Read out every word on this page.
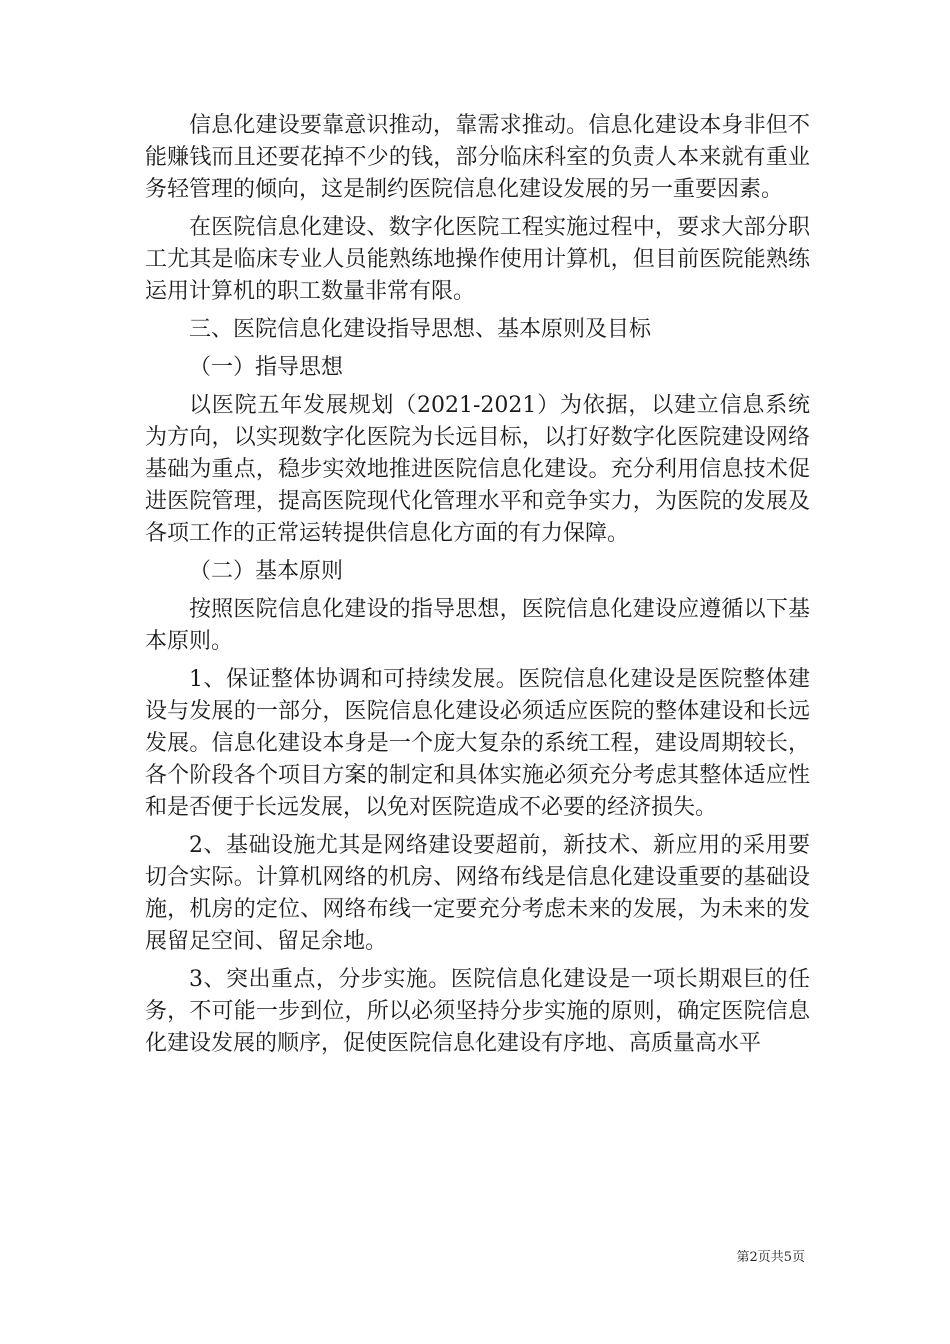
信息化建设要靠意识推动，靠需求推动。信息化建设本身非但不能赚钱而且还要花掉不少的钱，部分临床科室的负责人本来就有重业务轻管理的倾向，这是制约医院信息化建设发展的另一重要因素。

在医院信息化建设、数字化医院工程实施过程中，要求大部分职工尤其是临床专业人员能熟练地操作使用计算机，但目前医院能熟练运用计算机的职工数量非常有限。

三、医院信息化建设指导思想、基本原则及目标

（一）指导思想

以医院五年发展规划（2021-2021）为依据，以建立信息系统为方向，以实现数字化医院为长远目标，以打好数字化医院建设网络基础为重点，稳步实效地推进医院信息化建设。充分利用信息技术促进医院管理，提高医院现代化管理水平和竞争实力，为医院的发展及各项工作的正常运转提供信息化方面的有力保障。

（二）基本原则

按照医院信息化建设的指导思想，医院信息化建设应遵循以下基本原则。

1、保证整体协调和可持续发展。医院信息化建设是医院整体建设与发展的一部分，医院信息化建设必须适应医院的整体建设和长远发展。信息化建设本身是一个庞大复杂的系统工程，建设周期较长，各个阶段各个项目方案的制定和具体实施必须充分考虑其整体适应性和是否便于长远发展，以免对医院造成不必要的经济损失。

2、基础设施尤其是网络建设要超前，新技术、新应用的采用要切合实际。计算机网络的机房、网络布线是信息化建设重要的基础设施，机房的定位、网络布线一定要充分考虑未来的发展，为未来的发展留足空间、留足余地。

3、突出重点，分步实施。医院信息化建设是一项长期艰巨的任务，不可能一步到位，所以必须坚持分步实施的原则，确定医院信息化建设发展的顺序，促使医院信息化建设有序地、高质量高水平

第2页共5页
